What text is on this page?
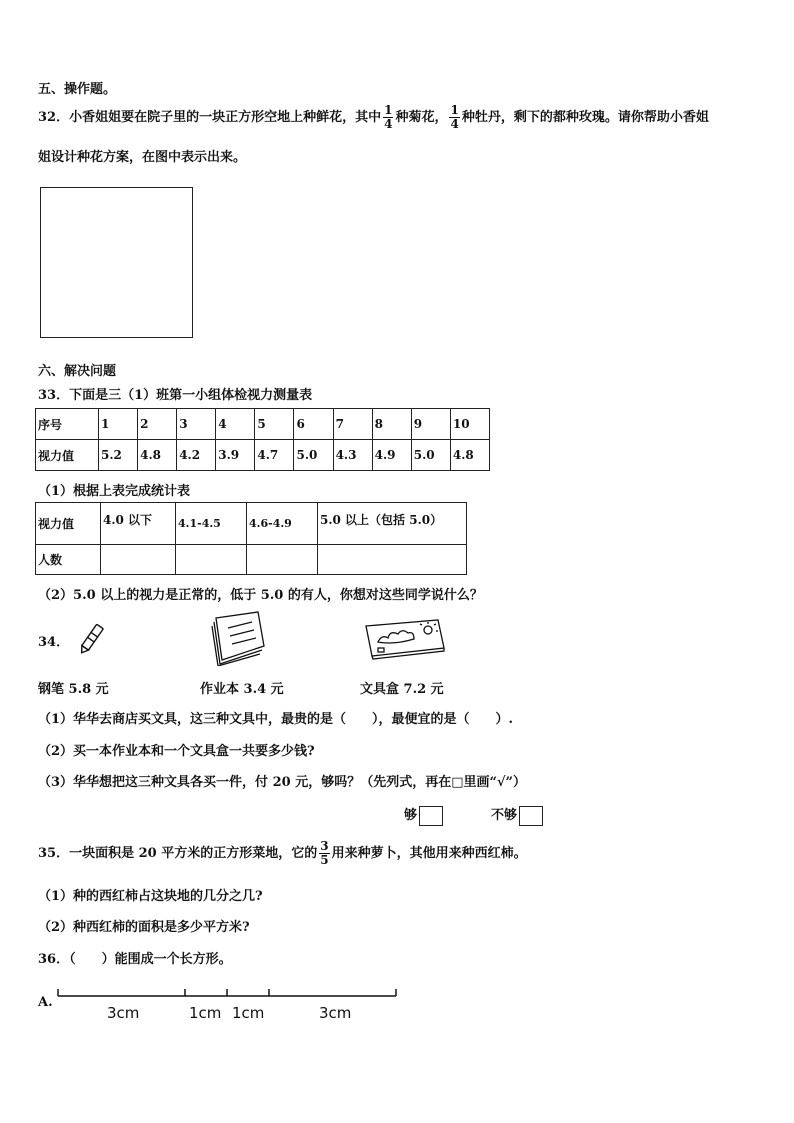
五、操作题。
32．小香姐姐要在院子里的一块正方形空地上种鲜花，其中 $\frac{1}{4}$ 种菊花， $\frac{1}{4}$ 种牡丹，剩下的都种玫瑰。请你帮助小香姐
姐设计种花方案，在图中表示出来。
六、解决问题
33．下面是三（1）班第一小组体检视力测量表
序号	1	2	3	4	5	6	7	8	9	10
视力值	5.2	4.8	4.2	3.9	4.7	5.0	4.3	4.9	5.0	4.8
（1）根据上表完成统计表
视力值	4.0 以下	4.1-4.5	4.6-4.9	5.0 以上（包括 5.0）
人数				
（2）5.0 以上的视力是正常的，低于 5.0 的有人，你想对这些同学说什么？
34．
钢笔 5.8 元	作业本 3.4 元	文具盒 7.2 元
（1）华华去商店买文具，这三种文具中，最贵的是（　　），最便宜的是（　　）.
（2）买一本作业本和一个文具盒一共要多少钱?
（3）华华想把这三种文具各买一件，付 20 元，够吗？（先列式，再在□里画“√”）
够	不够
35．一块面积是 20 平方米的正方形菜地，它的 $\frac{3}{5}$ 用来种萝卜，其他用来种西红柿。
（1）种的西红柿占这块地的几分之几?
（2）种西红柿的面积是多少平方米?
36．（　　）能围成一个长方形。
A.
3cm	1cm 1cm	3cm
